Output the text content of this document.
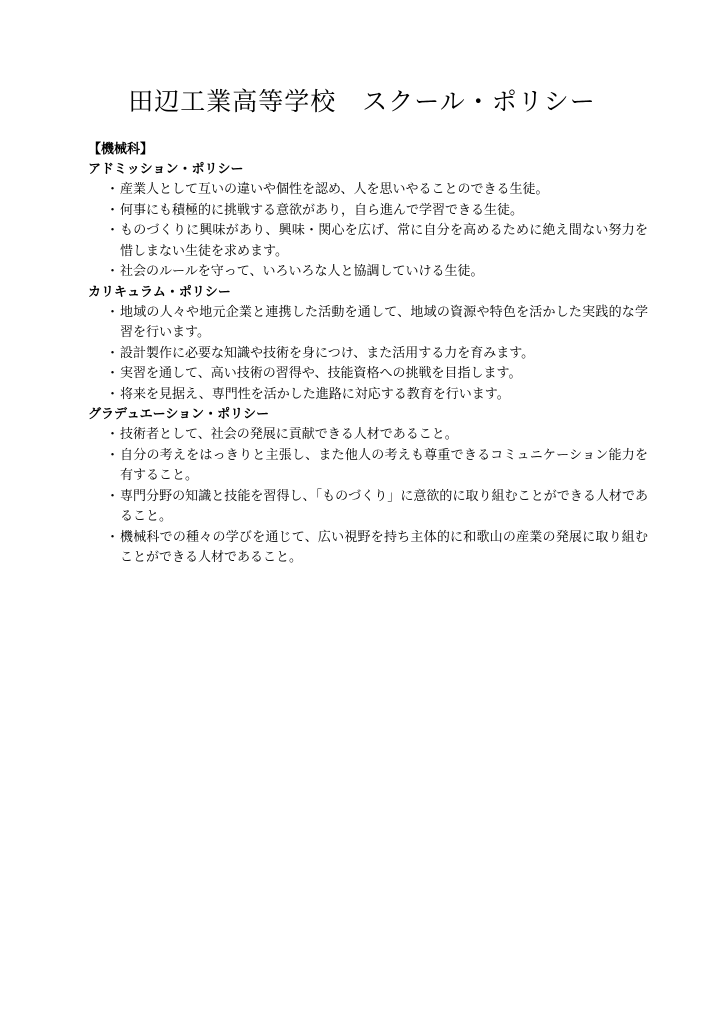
田辺工業高等学校　スクール・ポリシー
【機械科】
アドミッション・ポリシー
・ 産業人として互いの違いや個性を認め、人を思いやることのできる生徒。
・ 何事にも積極的に挑戦する意欲があり，自ら進んで学習できる生徒。
・ ものづくりに興味があり、興味・関心を広げ、常に自分を高めるために絶え間ない努力を惜しまない生徒を求めます。
・ 社会のルールを守って、いろいろな人と協調していける生徒。
カリキュラム・ポリシー
・ 地域の人々や地元企業と連携した活動を通して、地域の資源や特色を活かした実践的な学習を行います。
・ 設計製作に必要な知識や技術を身につけ、また活用する力を育みます。
・ 実習を通して、高い技術の習得や、技能資格への挑戦を目指します。
・ 将来を見据え、専門性を活かした進路に対応する教育を行います。
グラデュエーション・ポリシー
・ 技術者として、社会の発展に貢献できる人材であること。
・ 自分の考えをはっきりと主張し、また他人の考えも尊重できるコミュニケーション能力を有すること。
・ 専門分野の知識と技能を習得し、「ものづくり」に意欲的に取り組むことができる人材であること。
・ 機械科での種々の学びを通じて、広い視野を持ち主体的に和歌山の産業の発展に取り組むことができる人材であること。
